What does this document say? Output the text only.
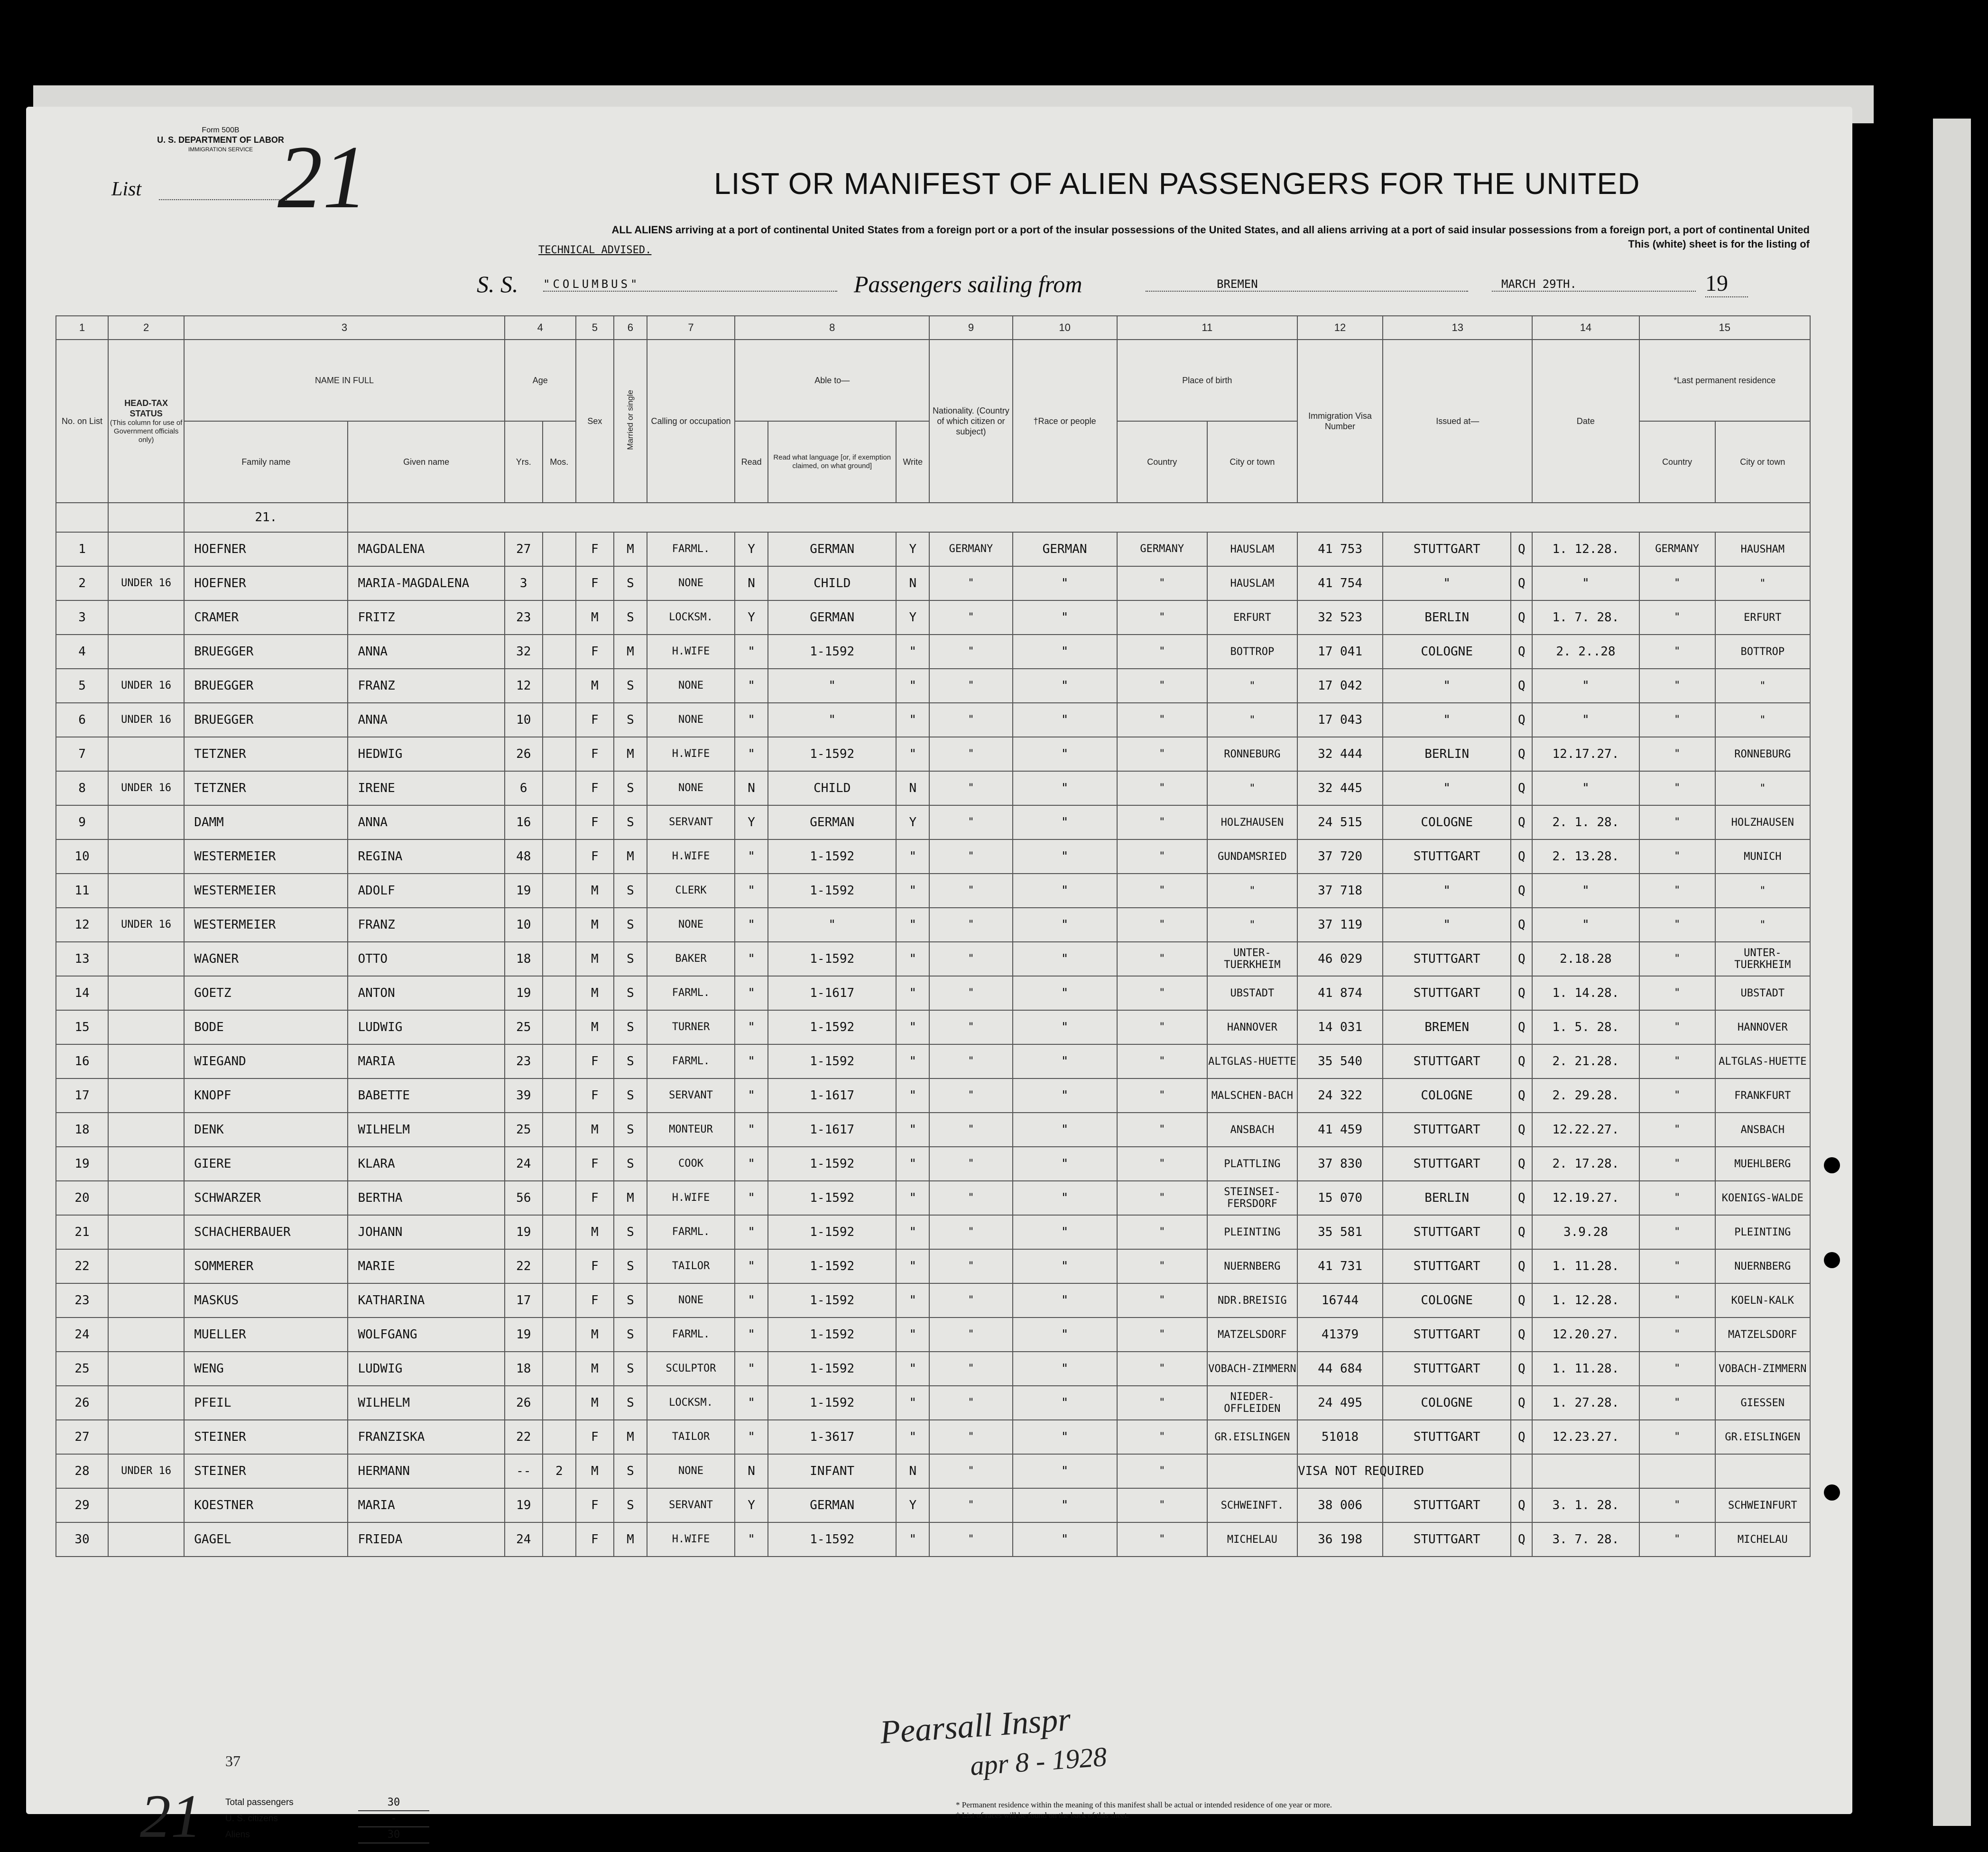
Form 500B
U. S. DEPARTMENT OF LABOR
IMMIGRATION SERVICE
List 21	LIST OR MANIFEST OF ALIEN PASSENGERS FOR THE UNITED
ALL ALIENS arriving at a port of continental United States from a foreign port or a port of the insular possessions of the United States, and all aliens arriving at a port of said insular possessions from a foreign port, a port of continental United
This (white) sheet is for the listing of
TECHNICAL ADVISED.
S. S. "COLUMBUS"	Passengers sailing from	BREMEN	MARCH 29TH.	19
1	2	3		4		5	6	7	8			9	10	11		12	13		14	15	
No. on List	HEAD-TAX STATUS
(This column for use of Government officials only)	NAME IN FULL		Age		Sex	Married or single	Calling or occupation	Able to—			Nationality. (Country of which citizen or subject)	†Race or people	Place of birth		Immigration Visa Number	Issued at—		Date	*Last permanent residence	
		Family name	Given name	Yrs.	Mos.				Read	Read what language [or, if exemption claimed, on what ground]	Write			Country	City or town					Country	City or town
		21.																			
1		HOEFNER	MAGDALENA	27		F	M	FARML.	Y	GERMAN	Y	GERMANY	GERMAN	GERMANY	HAUSLAM	41 753	STUTTGART	Q	1. 12.28.	GERMANY	HAUSHAM
2	UNDER 16	HOEFNER	MARIA-MAGDALENA	3		F	S	NONE	N	CHILD	N	"	"	"	HAUSLAM	41 754	"	Q	"	"	"
3		CRAMER	FRITZ	23		M	S	LOCKSM.	Y	GERMAN	Y	"	"	"	ERFURT	32 523	BERLIN	Q	1. 7. 28.	"	ERFURT
4		BRUEGGER	ANNA	32		F	M	H.WIFE	"	1-1592	"	"	"	"	BOTTROP	17 041	COLOGNE	Q	2. 2..28	"	BOTTROP
5	UNDER 16	BRUEGGER	FRANZ	12		M	S	NONE	"	"	"	"	"	"	"	17 042	"	Q	"	"	"
6	UNDER 16	BRUEGGER	ANNA	10		F	S	NONE	"	"	"	"	"	"	"	17 043	"	Q	"	"	"
7		TETZNER	HEDWIG	26		F	M	H.WIFE	"	1-1592	"	"	"	"	RONNEBURG	32 444	BERLIN	Q	12.17.27.	"	RONNEBURG
8	UNDER 16	TETZNER	IRENE	6		F	S	NONE	N	CHILD	N	"	"	"	"	32 445	"	Q	"	"	"
9		DAMM	ANNA	16		F	S	SERVANT	Y	GERMAN	Y	"	"	"	HOLZHAUSEN	24 515	COLOGNE	Q	2. 1. 28.	"	HOLZHAUSEN
10		WESTERMEIER	REGINA	48		F	M	H.WIFE	"	1-1592	"	"	"	"	GUNDAMSRIED	37 720	STUTTGART	Q	2. 13.28.	"	MUNICH
11		WESTERMEIER	ADOLF	19		M	S	CLERK	"	1-1592	"	"	"	"	"	37 718	"	Q	"	"	"
12	UNDER 16	WESTERMEIER	FRANZ	10		M	S	NONE	"	"	"	"	"	"	"	37 119	"	Q	"	"	"
13		WAGNER	OTTO	18		M	S	BAKER	"	1-1592	"	"	"	"	UNTER-TUERKHEIM	46 029	STUTTGART	Q	2.18.28	"	UNTER-TUERKHEIM
14		GOETZ	ANTON	19		M	S	FARML.	"	1-1617	"	"	"	"	UBSTADT	41 874	STUTTGART	Q	1. 14.28.	"	UBSTADT
15		BODE	LUDWIG	25		M	S	TURNER	"	1-1592	"	"	"	"	HANNOVER	14 031	BREMEN	Q	1. 5. 28.	"	HANNOVER
16		WIEGAND	MARIA	23		F	S	FARML.	"	1-1592	"	"	"	"	ALTGLAS-HUETTE	35 540	STUTTGART	Q	2. 21.28.	"	ALTGLAS-HUETTE
17		KNOPF	BABETTE	39		F	S	SERVANT	"	1-1617	"	"	"	"	MALSCHEN-BACH	24 322	COLOGNE	Q	2. 29.28.	"	FRANKFURT
18		DENK	WILHELM	25		M	S	MONTEUR	"	1-1617	"	"	"	"	ANSBACH	41 459	STUTTGART	Q	12.22.27.	"	ANSBACH
19		GIERE	KLARA	24		F	S	COOK	"	1-1592	"	"	"	"	PLATTLING	37 830	STUTTGART	Q	2. 17.28.	"	MUEHLBERG
20		SCHWARZER	BERTHA	56		F	M	H.WIFE	"	1-1592	"	"	"	"	STEINSEI-FERSDORF	15 070	BERLIN	Q	12.19.27.	"	KOENIGS-WALDE
21		SCHACHERBAUER	JOHANN	19		M	S	FARML.	"	1-1592	"	"	"	"	PLEINTING	35 581	STUTTGART	Q	3.9.28	"	PLEINTING
22		SOMMERER	MARIE	22		F	S	TAILOR	"	1-1592	"	"	"	"	NUERNBERG	41 731	STUTTGART	Q	1. 11.28.	"	NUERNBERG
23		MASKUS	KATHARINA	17		F	S	NONE	"	1-1592	"	"	"	"	NDR.BREISIG	16744	COLOGNE	Q	1. 12.28.	"	KOELN-KALK
24		MUELLER	WOLFGANG	19		M	S	FARML.	"	1-1592	"	"	"	"	MATZELSDORF	41379	STUTTGART	Q	12.20.27.	"	MATZELSDORF
25		WENG	LUDWIG	18		M	S	SCULPTOR	"	1-1592	"	"	"	"	VOBACH-ZIMMERN	44 684	STUTTGART	Q	1. 11.28.	"	VOBACH-ZIMMERN
26		PFEIL	WILHELM	26		M	S	LOCKSM.	"	1-1592	"	"	"	"	NIEDER-OFFLEIDEN	24 495	COLOGNE	Q	1. 27.28.	"	GIESSEN
27		STEINER	FRANZISKA	22		F	M	TAILOR	"	1-3617	"	"	"	"	GR.EISLINGEN	51018	STUTTGART	Q	12.23.27.	"	GR.EISLINGEN
28	UNDER 16	STEINER	HERMANN	--	2	M	S	NONE	N	INFANT	N	"	"	"		VISA NOT REQUIRED					
29		KOESTNER	MARIA	19		F	S	SERVANT	Y	GERMAN	Y	"	"	"	SCHWEINFT.	38 006	STUTTGART	Q	3. 1. 28.	"	SCHWEINFURT
30		GAGEL	FRIEDA	24		F	M	H.WIFE	"	1-1592	"	"	"	"	MICHELAU	36 198	STUTTGART	Q	3. 7. 28.	"	MICHELAU
37
21
Pearsall Inspr
apr 8 - 1928
Total passengers	30
U. S. citizens	-
Aliens	30
* Permanent residence within the meaning of this manifest shall be actual or intended residence of one year or more.
† List of races will be found on the back of this sheet.
